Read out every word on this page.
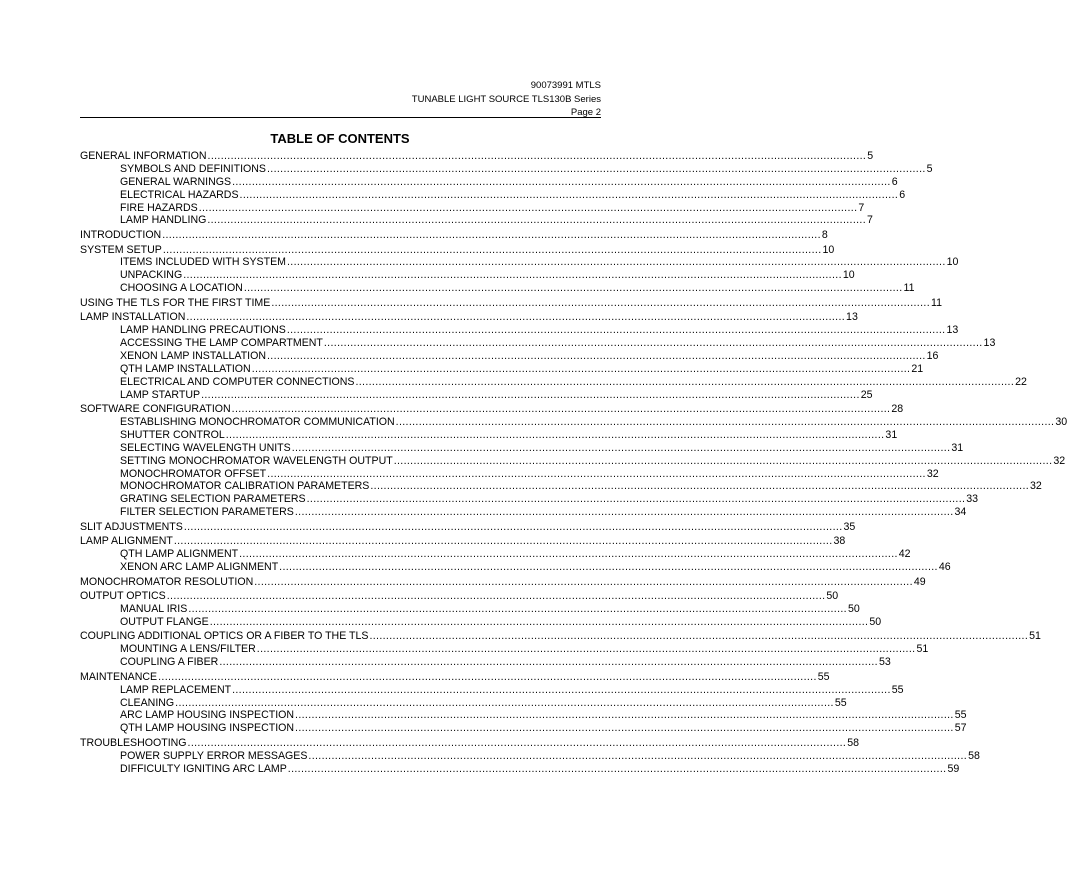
90073991 MTLS
TUNABLE LIGHT SOURCE TLS130B Series
Page 2
TABLE OF CONTENTS
GENERAL INFORMATION ........................................................................................................................................................................................................ 5
SYMBOLS AND DEFINITIONS ........................................................................................................................................................................................................ 5
GENERAL WARNINGS ........................................................................................................................................................................................................ 6
ELECTRICAL HAZARDS ........................................................................................................................................................................................................ 6
FIRE HAZARDS ........................................................................................................................................................................................................ 7
LAMP HANDLING ........................................................................................................................................................................................................ 7
INTRODUCTION ........................................................................................................................................................................................................ 8
SYSTEM SETUP ........................................................................................................................................................................................................ 10
ITEMS INCLUDED WITH SYSTEM ........................................................................................................................................................................................................ 10
UNPACKING ........................................................................................................................................................................................................ 10
CHOOSING A LOCATION ........................................................................................................................................................................................................ 11
USING THE TLS FOR THE FIRST TIME ........................................................................................................................................................................................................ 11
LAMP INSTALLATION ........................................................................................................................................................................................................ 13
LAMP HANDLING PRECAUTIONS ........................................................................................................................................................................................................ 13
ACCESSING THE LAMP COMPARTMENT ........................................................................................................................................................................................................ 13
XENON LAMP INSTALLATION ........................................................................................................................................................................................................ 16
QTH LAMP INSTALLATION ........................................................................................................................................................................................................ 21
ELECTRICAL AND COMPUTER CONNECTIONS ........................................................................................................................................................................................................ 22
LAMP STARTUP ........................................................................................................................................................................................................ 25
SOFTWARE CONFIGURATION ........................................................................................................................................................................................................ 28
ESTABLISHING MONOCHROMATOR COMMUNICATION ........................................................................................................................................................................................................ 30
SHUTTER CONTROL ........................................................................................................................................................................................................ 31
SELECTING WAVELENGTH UNITS ........................................................................................................................................................................................................ 31
SETTING MONOCHROMATOR WAVELENGTH OUTPUT ........................................................................................................................................................................................................ 32
MONOCHROMATOR OFFSET ........................................................................................................................................................................................................ 32
MONOCHROMATOR CALIBRATION PARAMETERS ........................................................................................................................................................................................................ 32
GRATING SELECTION PARAMETERS ........................................................................................................................................................................................................ 33
FILTER SELECTION PARAMETERS ........................................................................................................................................................................................................ 34
SLIT ADJUSTMENTS ........................................................................................................................................................................................................ 35
LAMP ALIGNMENT ........................................................................................................................................................................................................ 38
QTH LAMP ALIGNMENT ........................................................................................................................................................................................................ 42
XENON ARC LAMP ALIGNMENT ........................................................................................................................................................................................................ 46
MONOCHROMATOR RESOLUTION ........................................................................................................................................................................................................ 49
OUTPUT OPTICS ........................................................................................................................................................................................................ 50
MANUAL IRIS ........................................................................................................................................................................................................ 50
OUTPUT FLANGE ........................................................................................................................................................................................................ 50
COUPLING ADDITIONAL OPTICS OR A FIBER TO THE TLS ........................................................................................................................................................................................................ 51
MOUNTING A LENS/FILTER ........................................................................................................................................................................................................ 51
COUPLING A FIBER ........................................................................................................................................................................................................ 53
MAINTENANCE ........................................................................................................................................................................................................ 55
LAMP REPLACEMENT ........................................................................................................................................................................................................ 55
CLEANING ........................................................................................................................................................................................................ 55
ARC LAMP HOUSING INSPECTION ........................................................................................................................................................................................................ 55
QTH LAMP HOUSING INSPECTION ........................................................................................................................................................................................................ 57
TROUBLESHOOTING ........................................................................................................................................................................................................ 58
POWER SUPPLY ERROR MESSAGES ........................................................................................................................................................................................................ 58
DIFFICULTY IGNITING ARC LAMP ........................................................................................................................................................................................................ 59
